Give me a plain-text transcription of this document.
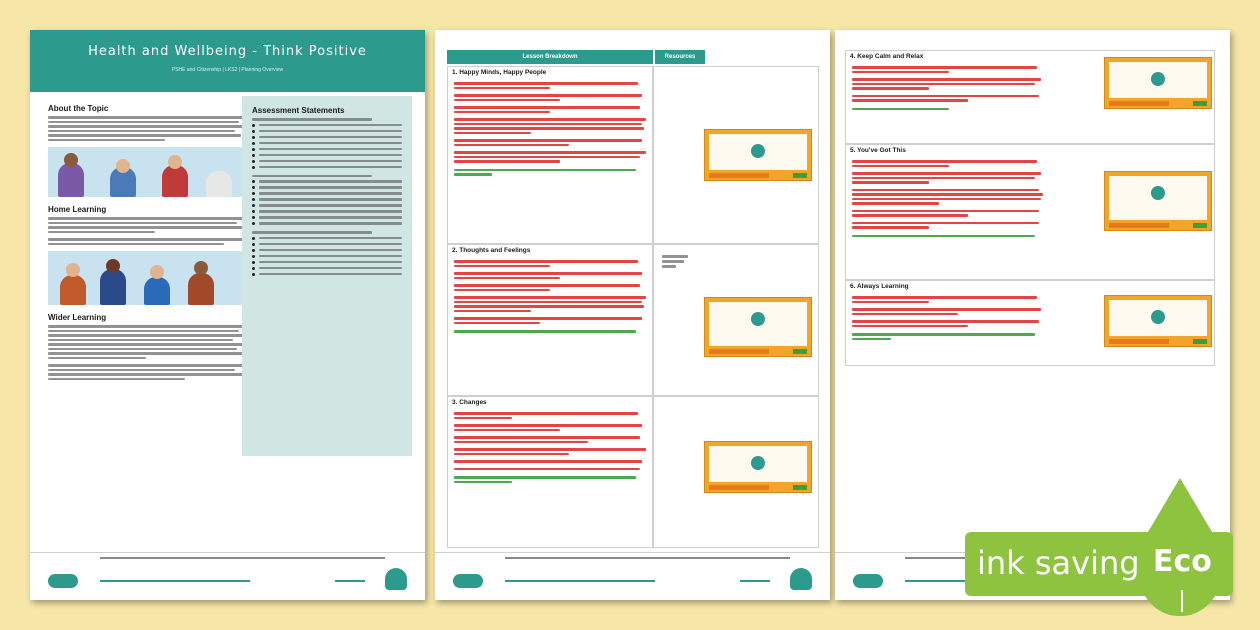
Health and Wellbeing - Think Positive
PSHE and Citizenship | LKS2 | Planning Overview
About the Topic
Home Learning
Wider Learning
Assessment Statements
Lesson Breakdown	Resources
1. Happy Minds, Happy People
2. Thoughts and Feelings
3. Changes
4. Keep Calm and Relax
5. You've Got This
6. Always Learning
ink saving Eco
